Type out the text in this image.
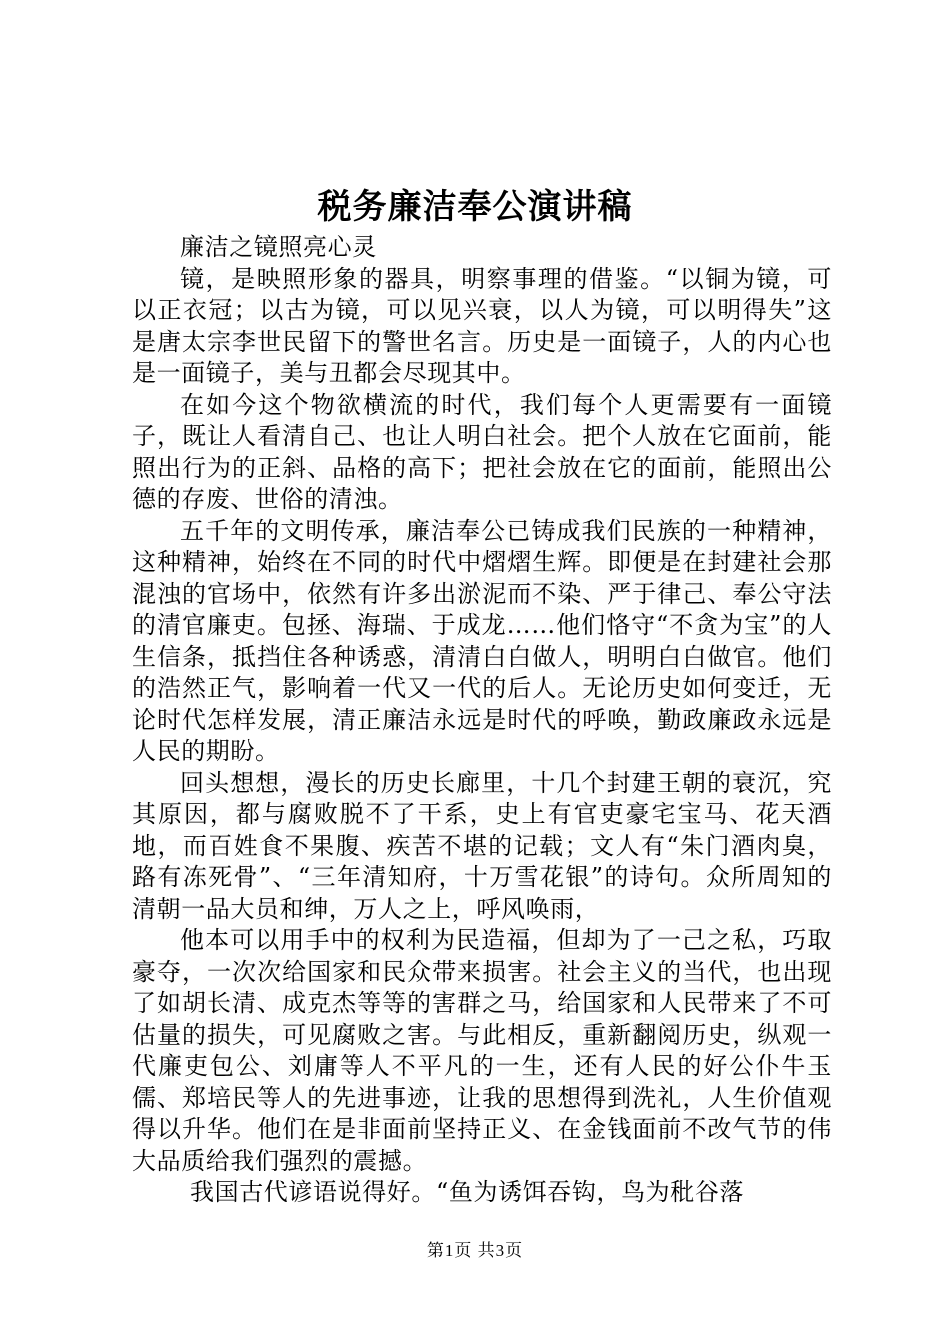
税务廉洁奉公演讲稿

廉洁之镜照亮心灵

镜，是映照形象的器具，明察事理的借鉴。“以铜为镜，可以正衣冠；以古为镜，可以见兴衰，以人为镜，可以明得失”这是唐太宗李世民留下的警世名言。历史是一面镜子，人的内心也是一面镜子，美与丑都会尽现其中。

在如今这个物欲横流的时代，我们每个人更需要有一面镜子，既让人看清自己、也让人明白社会。把个人放在它面前，能照出行为的正斜、品格的高下；把社会放在它的面前，能照出公德的存废、世俗的清浊。

五千年的文明传承，廉洁奉公已铸成我们民族的一种精神，这种精神，始终在不同的时代中熠熠生辉。即便是在封建社会那混浊的官场中，依然有许多出淤泥而不染、严于律己、奉公守法的清官廉吏。包拯、海瑞、于成龙……他们恪守“不贪为宝”的人生信条，抵挡住各种诱惑，清清白白做人，明明白白做官。他们的浩然正气，影响着一代又一代的后人。无论历史如何变迁，无论时代怎样发展，清正廉洁永远是时代的呼唤，勤政廉政永远是人民的期盼。

回头想想，漫长的历史长廊里，十几个封建王朝的衰沉，究其原因，都与腐败脱不了干系，史上有官吏豪宅宝马、花天酒地，而百姓食不果腹、疾苦不堪的记载；文人有“朱门酒肉臭，路有冻死骨”、“三年清知府，十万雪花银”的诗句。众所周知的清朝一品大员和绅，万人之上，呼风唤雨，

他本可以用手中的权利为民造福，但却为了一己之私，巧取豪夺，一次次给国家和民众带来损害。社会主义的当代，也出现了如胡长清、成克杰等等的害群之马，给国家和人民带来了不可估量的损失，可见腐败之害。与此相反，重新翻阅历史，纵观一代廉吏包公、刘庸等人不平凡的一生，还有人民的好公仆牛玉儒、郑培民等人的先进事迹，让我的思想得到洗礼，人生价值观得以升华。他们在是非面前坚持正义、在金钱面前不改气节的伟大品质给我们强烈的震撼。

我国古代谚语说得好。“鱼为诱饵吞钩，鸟为秕谷落

第1页 共3页
